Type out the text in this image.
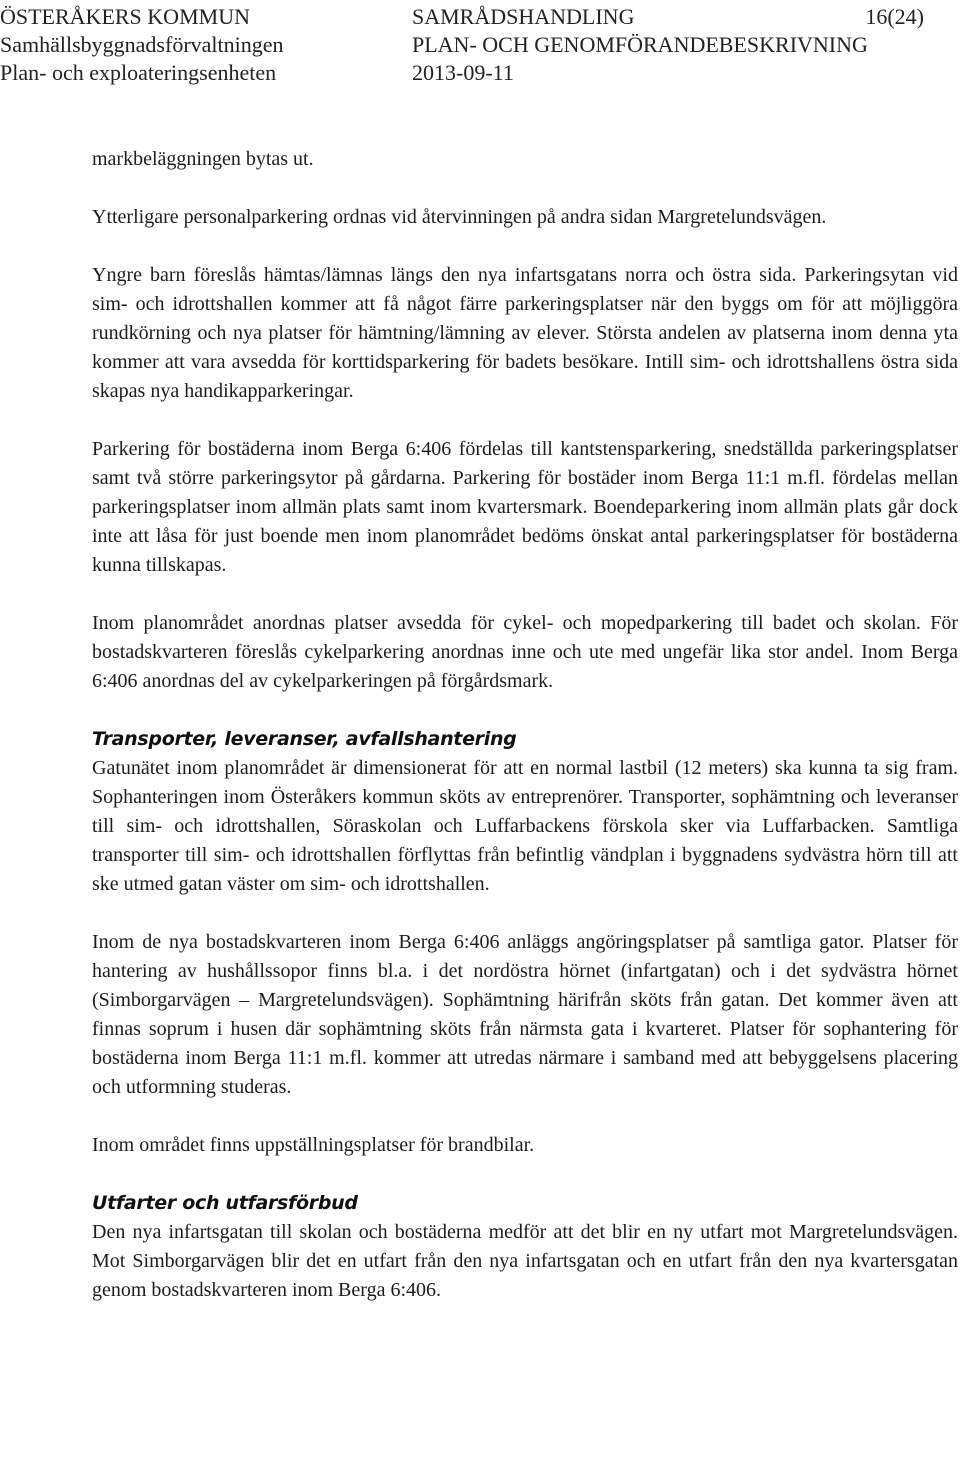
ÖSTERÅKERS KOMMUN	SAMRÅDSHANDLING	16(24)
Samhällsbyggnadsförvaltningen	PLAN- OCH GENOMFÖRANDEBESKRIVNING
Plan- och exploateringsenheten	2013-09-11

markbeläggningen bytas ut.

Ytterligare personalparkering ordnas vid återvinningen på andra sidan Margretelundsvägen.

Yngre barn föreslås hämtas/lämnas längs den nya infartsgatans norra och östra sida. Parkeringsytan vid sim- och idrottshallen kommer att få något färre parkeringsplatser när den byggs om för att möjliggöra rundkörning och nya platser för hämtning/lämning av elever. Största andelen av platserna inom denna yta kommer att vara avsedda för korttidsparkering för badets besökare. Intill sim- och idrottshallens östra sida skapas nya handikapparkeringar.

Parkering för bostäderna inom Berga 6:406 fördelas till kantstensparkering, snedställda parkeringsplatser samt två större parkeringsytor på gårdarna. Parkering för bostäder inom Berga 11:1 m.fl. fördelas mellan parkeringsplatser inom allmän plats samt inom kvartersmark. Boendeparkering inom allmän plats går dock inte att låsa för just boende men inom planområdet bedöms önskat antal parkeringsplatser för bostäderna kunna tillskapas.

Inom planområdet anordnas platser avsedda för cykel- och mopedparkering till badet och skolan. För bostadskvarteren föreslås cykelparkering anordnas inne och ute med ungefär lika stor andel. Inom Berga 6:406 anordnas del av cykelparkeringen på förgårdsmark.

Transporter, leveranser, avfallshantering

Gatunätet inom planområdet är dimensionerat för att en normal lastbil (12 meters) ska kunna ta sig fram. Sophanteringen inom Österåkers kommun sköts av entreprenörer. Transporter, sophämtning och leveranser till sim- och idrottshallen, Söraskolan och Luffarbackens förskola sker via Luffarbacken. Samtliga transporter till sim- och idrottshallen förflyttas från befintlig vändplan i byggnadens sydvästra hörn till att ske utmed gatan väster om sim- och idrottshallen.

Inom de nya bostadskvarteren inom Berga 6:406 anläggs angöringsplatser på samtliga gator. Platser för hantering av hushållssopor finns bl.a. i det nordöstra hörnet (infartgatan) och i det sydvästra hörnet (Simborgarvägen – Margretelundsvägen). Sophämtning härifrån sköts från gatan. Det kommer även att finnas soprum i husen där sophämtning sköts från närmsta gata i kvarteret. Platser för sophantering för bostäderna inom Berga 11:1 m.fl. kommer att utredas närmare i samband med att bebyggelsens placering och utformning studeras.

Inom området finns uppställningsplatser för brandbilar.

Utfarter och utfarsförbud

Den nya infartsgatan till skolan och bostäderna medför att det blir en ny utfart mot Margretelundsvägen. Mot Simborgarvägen blir det en utfart från den nya infartsgatan och en utfart från den nya kvartersgatan genom bostadskvarteren inom Berga 6:406.
